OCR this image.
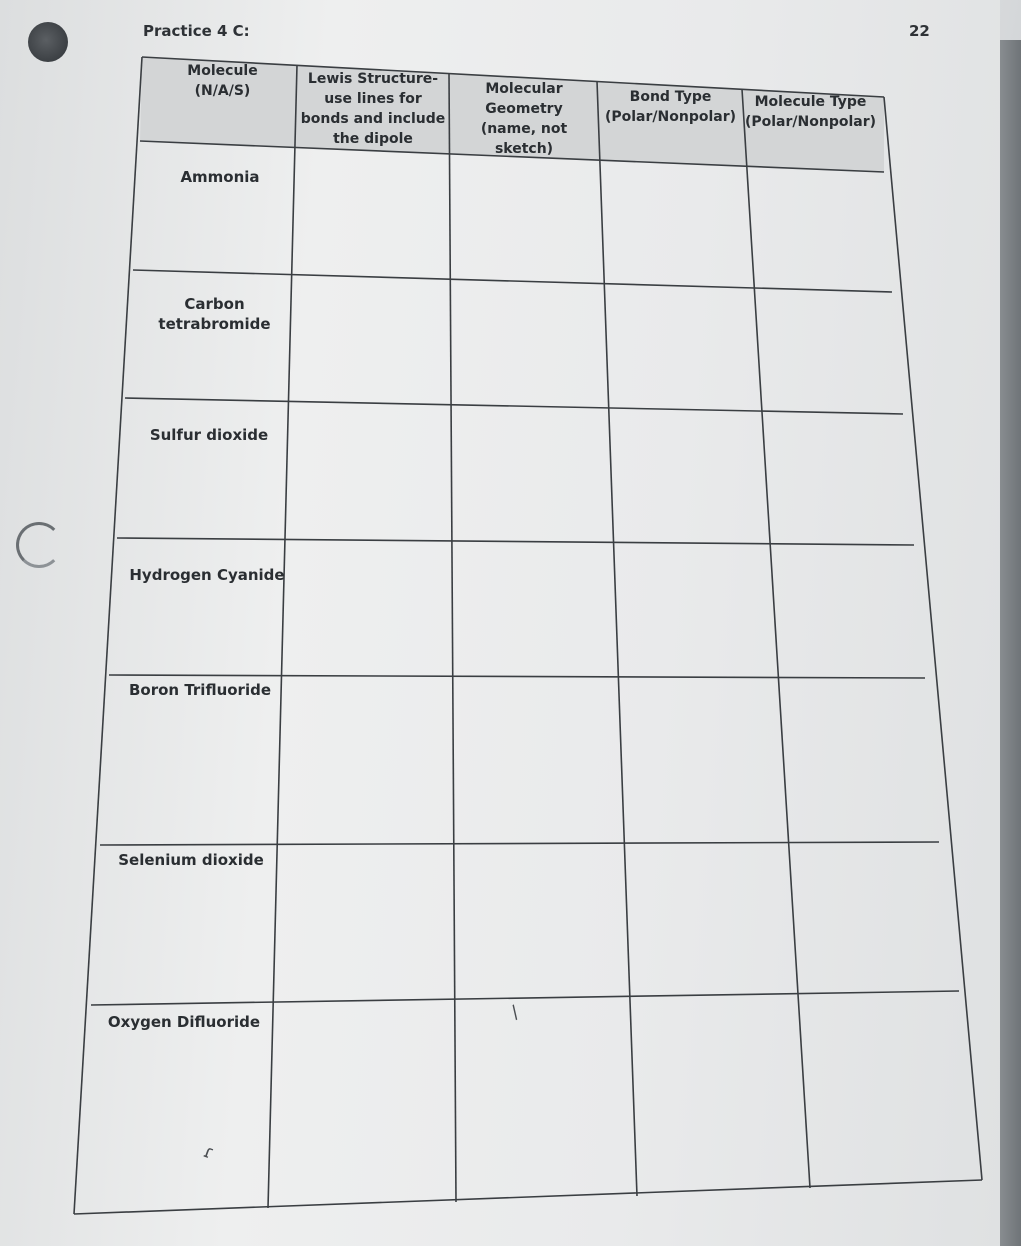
Practice 4 C:	22
Molecule
(N/A/S)
Lewis Structure-
use lines for
bonds and include
the dipole
Molecular
Geometry
(name, not
sketch)
Bond Type
(Polar/Nonpolar)
Molecule Type
(Polar/Nonpolar)
Ammonia
Carbon
tetrabromide
Sulfur dioxide
Hydrogen Cyanide
Boron Trifluoride
Selenium dioxide
Oxygen Difluoride	/
ɾ
